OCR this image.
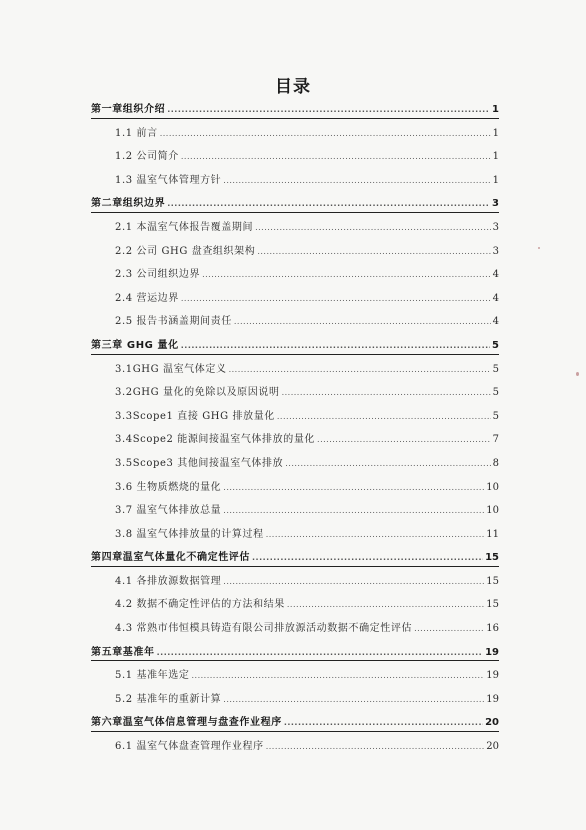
目录
第一章组织介绍 .....	1
1.1 前言 .....	1
1.2 公司简介 .....	1
1.3 温室气体管理方针 .....	1
第二章组织边界 .....	3
2.1 本温室气体报告覆盖期间 .....	3
2.2 公司 GHG 盘查组织架构 .....	3
2.3 公司组织边界 .....	4
2.4 营运边界 .....	4
2.5 报告书涵盖期间责任 .....	4
第三章 GHG 量化 .....	5
3.1GHG 温室气体定义 .....	5
3.2GHG 量化的免除以及原因说明 .....	5
3.3Scope1 直接 GHG 排放量化 .....	5
3.4Scope2 能源间接温室气体排放的量化 .....	7
3.5Scope3 其他间接温室气体排放 .....	8
3.6 生物质燃烧的量化 .....	10
3.7 温室气体排放总量 .....	10
3.8 温室气体排放量的计算过程 .....	11
第四章温室气体量化不确定性评估 .....	15
4.1 各排放源数据管理 .....	15
4.2 数据不确定性评估的方法和结果 .....	15
4.3 常熟市伟恒模具铸造有限公司排放源活动数据不确定性评估 .....	16
第五章基准年 .....	19
5.1 基准年选定 .....	19
5.2 基准年的重新计算 .....	19
第六章温室气体信息管理与盘查作业程序 .....	20
6.1 温室气体盘查管理作业程序 .....	20
